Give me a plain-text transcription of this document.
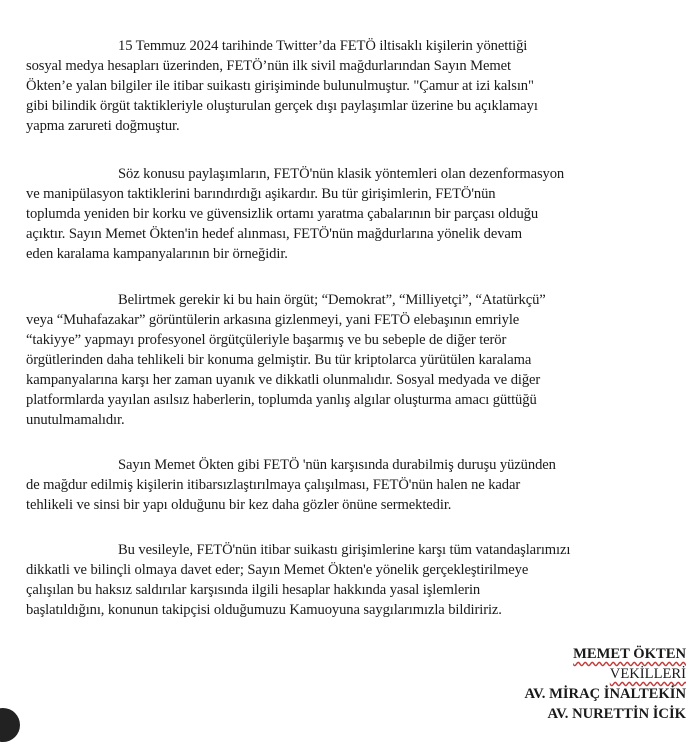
15 Temmuz 2024 tarihinde Twitter’da FETÖ iltisaklı kişilerin yönettiği
sosyal medya hesapları üzerinden, FETÖ’nün ilk sivil mağdurlarından Sayın Memet
Ökten’e yalan bilgiler ile itibar suikastı girişiminde bulunulmuştur. "Çamur at izi kalsın"
gibi bilindik örgüt taktikleriyle oluşturulan gerçek dışı paylaşımlar üzerine bu açıklamayı
yapma zarureti doğmuştur.
Söz konusu paylaşımların, FETÖ'nün klasik yöntemleri olan dezenformasyon
ve manipülasyon taktiklerini barındırdığı aşikardır. Bu tür girişimlerin, FETÖ'nün
toplumda yeniden bir korku ve güvensizlik ortamı yaratma çabalarının bir parçası olduğu
açıktır. Sayın Memet Ökten'in hedef alınması, FETÖ'nün mağdurlarına yönelik devam
eden karalama kampanyalarının bir örneğidir.
Belirtmek gerekir ki bu hain örgüt; “Demokrat”, “Milliyetçi”, “Atatürkçü”
veya “Muhafazakar” görüntülerin arkasına gizlenmeyi, yani FETÖ elebaşının emriyle
“takiyye” yapmayı profesyonel örgütçüleriyle başarmış ve bu sebeple de diğer terör
örgütlerinden daha tehlikeli bir konuma gelmiştir. Bu tür kriptolarca yürütülen karalama
kampanyalarına karşı her zaman uyanık ve dikkatli olunmalıdır. Sosyal medyada ve diğer
platformlarda yayılan asılsız haberlerin, toplumda yanlış algılar oluşturma amacı güttüğü
unutulmamalıdır.
Sayın Memet Ökten gibi FETÖ 'nün karşısında durabilmiş duruşu yüzünden
de mağdur edilmiş kişilerin itibarsızlaştırılmaya çalışılması, FETÖ'nün halen ne kadar
tehlikeli ve sinsi bir yapı olduğunu bir kez daha gözler önüne sermektedir.
Bu vesileyle, FETÖ'nün itibar suikastı girişimlerine karşı tüm vatandaşlarımızı
dikkatli ve bilinçli olmaya davet eder; Sayın Memet Ökten'e yönelik gerçekleştirilmeye
çalışılan bu haksız saldırılar karşısında ilgili hesaplar hakkında yasal işlemlerin
başlatıldığını, konunun takipçisi olduğumuzu Kamuoyuna saygılarımızla bildiririz.
MEMET ÖKTEN
VEKİLLERİ
AV. MİRAÇ İNALTEKİN
AV. NURETTİN İCİK
